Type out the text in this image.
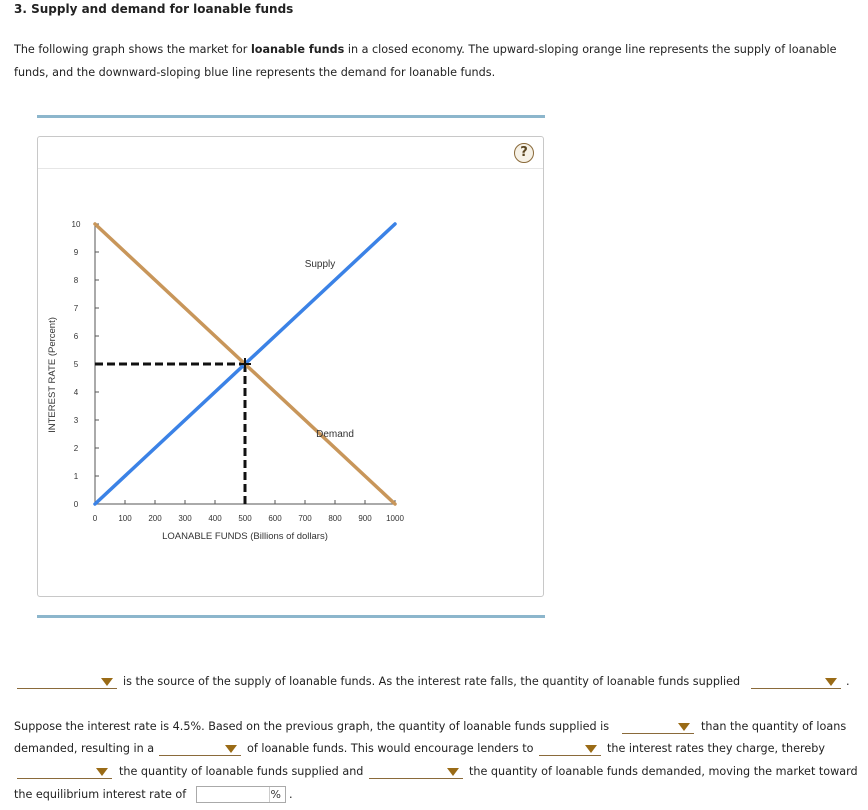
3. Supply and demand for loanable funds
The following graph shows the market for loanable funds in a closed economy. The upward-sloping orange line represents the supply of loanable funds, and the downward-sloping blue line represents the demand for loanable funds.
?
0
1
2
3
4
5
6
7
8
9
10
0	100 200 300 400 500 600 700 800 900 1000
LOANABLE FUNDS (Billions of dollars)
INTEREST RATE (Percent)
Supply
Demand
is the source of the supply of loanable funds. As the interest rate falls, the quantity of loanable funds supplied	.
Suppose the interest rate is 4.5%. Based on the previous graph, the quantity of loanable funds supplied is	than the quantity of loans
demanded, resulting in a	of loanable funds. This would encourage lenders to	the interest rates they charge, thereby
the quantity of loanable funds supplied and	the quantity of loanable funds demanded, moving the market toward
the equilibrium interest rate of	% .
